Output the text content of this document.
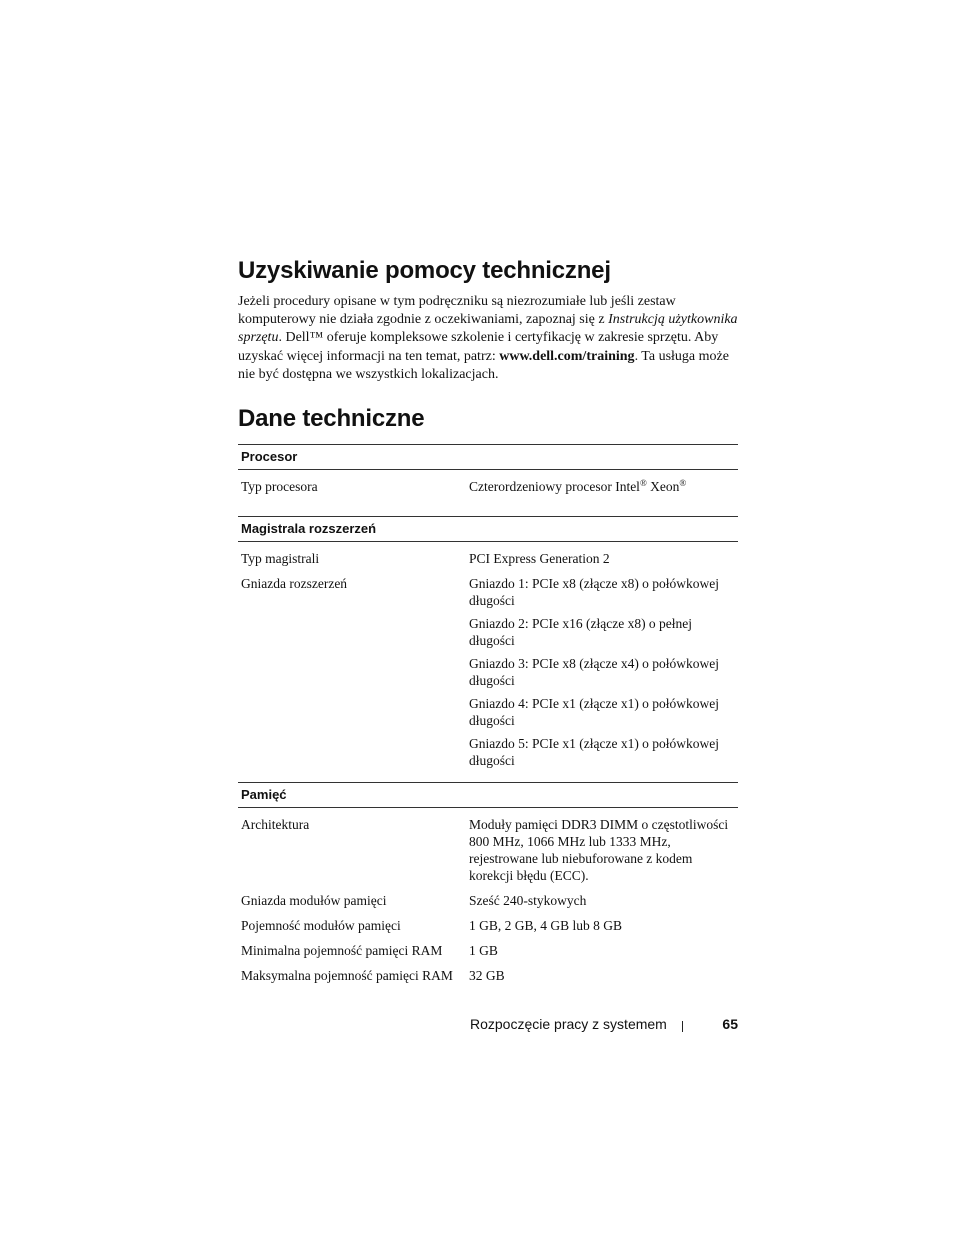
Uzyskiwanie pomocy technicznej

Jeżeli procedury opisane w tym podręczniku są niezrozumiałe lub jeśli zestaw komputerowy nie działa zgodnie z oczekiwaniami, zapoznaj się z Instrukcją użytkownika sprzętu. Dell™ oferuje kompleksowe szkolenie i certyfikację w zakresie sprzętu. Aby uzyskać więcej informacji na ten temat, patrz: www.dell.com/training. Ta usługa może nie być dostępna we wszystkich lokalizacjach.

Dane techniczne
Procesor
Typ procesora	Czterordzeniowy procesor Intel® Xeon®
Magistrala rozszerzeń
Typ magistrali	PCI Express Generation 2
Gniazda rozszerzeń	Gniazdo 1: PCIe x8 (złącze x8) o połówkowej długości
Gniazdo 2: PCIe x16 (złącze x8) o pełnej długości
Gniazdo 3: PCIe x8 (złącze x4) o połówkowej długości
Gniazdo 4: PCIe x1 (złącze x1) o połówkowej długości
Gniazdo 5: PCIe x1 (złącze x1) o połówkowej długości
Pamięć
Architektura	Moduły pamięci DDR3 DIMM o częstotliwości 800 MHz, 1066 MHz lub 1333 MHz, rejestrowane lub niebuforowane z kodem korekcji błędu (ECC).
Gniazda modułów pamięci	Sześć 240-stykowych
Pojemność modułów pamięci	1 GB, 2 GB, 4 GB lub 8 GB
Minimalna pojemność pamięci RAM	1 GB
Maksymalna pojemność pamięci RAM	32 GB
Rozpoczęcie pracy z systemem	65
